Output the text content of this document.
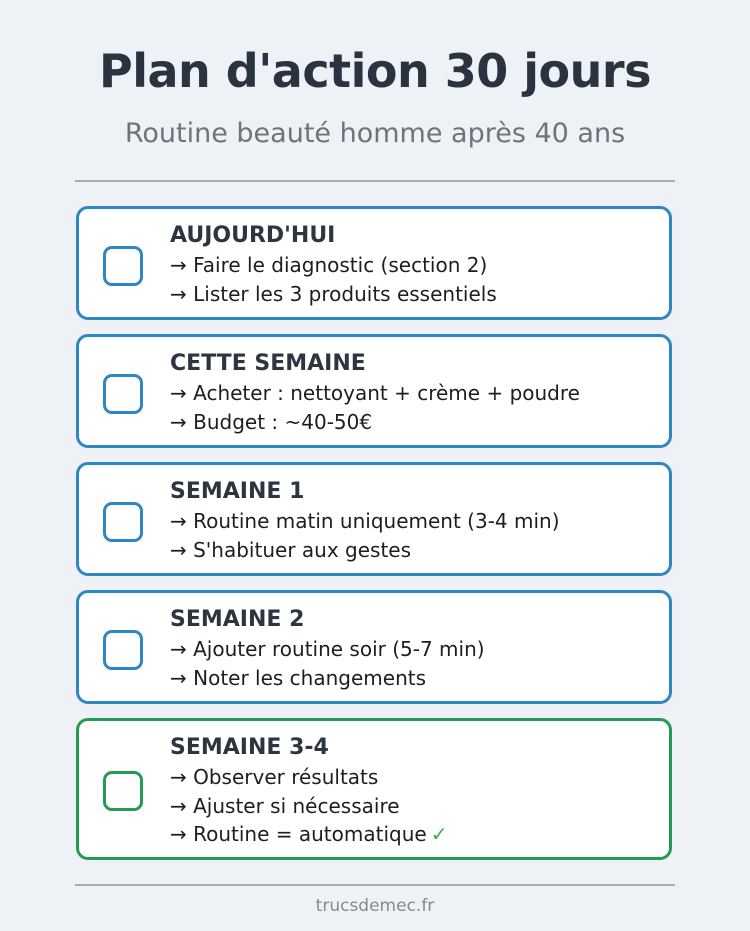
Plan d'action 30 jours
Routine beauté homme après 40 ans
AUJOURD'HUI
→ Faire le diagnostic (section 2)
→ Lister les 3 produits essentiels
CETTE SEMAINE
→ Acheter : nettoyant + crème + poudre
→ Budget : ~40-50€
SEMAINE 1
→ Routine matin uniquement (3-4 min)
→ S'habituer aux gestes
SEMAINE 2
→ Ajouter routine soir (5-7 min)
→ Noter les changements
SEMAINE 3-4
→ Observer résultats
→ Ajuster si nécessaire
→ Routine = automatique ✓
trucsdemec.fr
